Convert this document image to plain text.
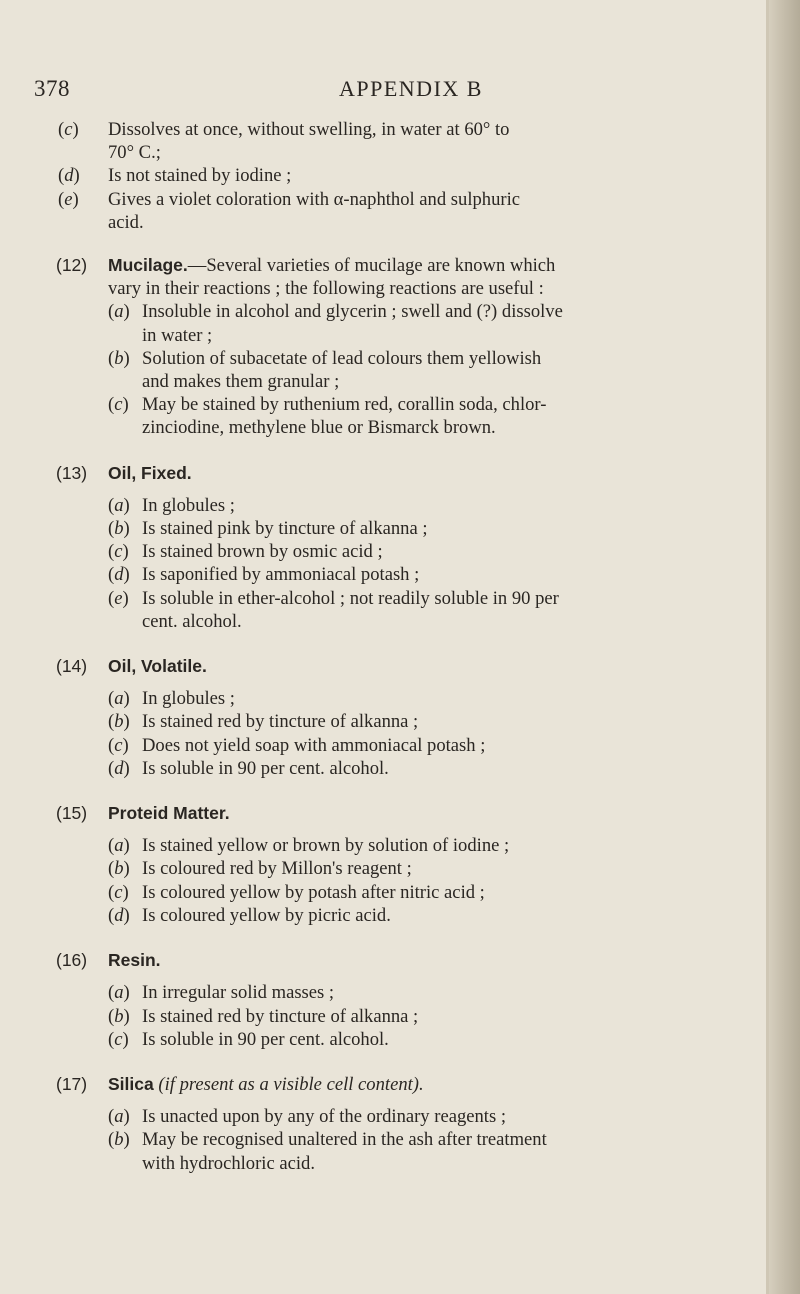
378	APPENDIX B
(c) Dissolves at once, without swelling, in water at 60° to
70° C.;
(d) Is not stained by iodine ;
(e) Gives a violet coloration with α-naphthol and sulphuric
acid.
(12)	Mucilage.—Several varieties of mucilage are known which
vary in their reactions ; the following reactions are useful :
(a) Insoluble in alcohol and glycerin ; swell and (?) dissolve
in water ;
(b) Solution of subacetate of lead colours them yellowish
and makes them granular ;
(c) May be stained by ruthenium red, corallin soda, chlor-
zinciodine, methylene blue or Bismarck brown.
(13)	Oil, Fixed.
(a) In globules ;
(b) Is stained pink by tincture of alkanna ;
(c) Is stained brown by osmic acid ;
(d) Is saponified by ammoniacal potash ;
(e) Is soluble in ether-alcohol ; not readily soluble in 90 per
cent. alcohol.
(14)	Oil, Volatile.
(a) In globules ;
(b) Is stained red by tincture of alkanna ;
(c) Does not yield soap with ammoniacal potash ;
(d) Is soluble in 90 per cent. alcohol.
(15)	Proteid Matter.
(a) Is stained yellow or brown by solution of iodine ;
(b) Is coloured red by Millon's reagent ;
(c) Is coloured yellow by potash after nitric acid ;
(d) Is coloured yellow by picric acid.
(16)	Resin.
(a) In irregular solid masses ;
(b) Is stained red by tincture of alkanna ;
(c) Is soluble in 90 per cent. alcohol.
(17)	Silica (if present as a visible cell content).
(a) Is unacted upon by any of the ordinary reagents ;
(b) May be recognised unaltered in the ash after treatment
with hydrochloric acid.
